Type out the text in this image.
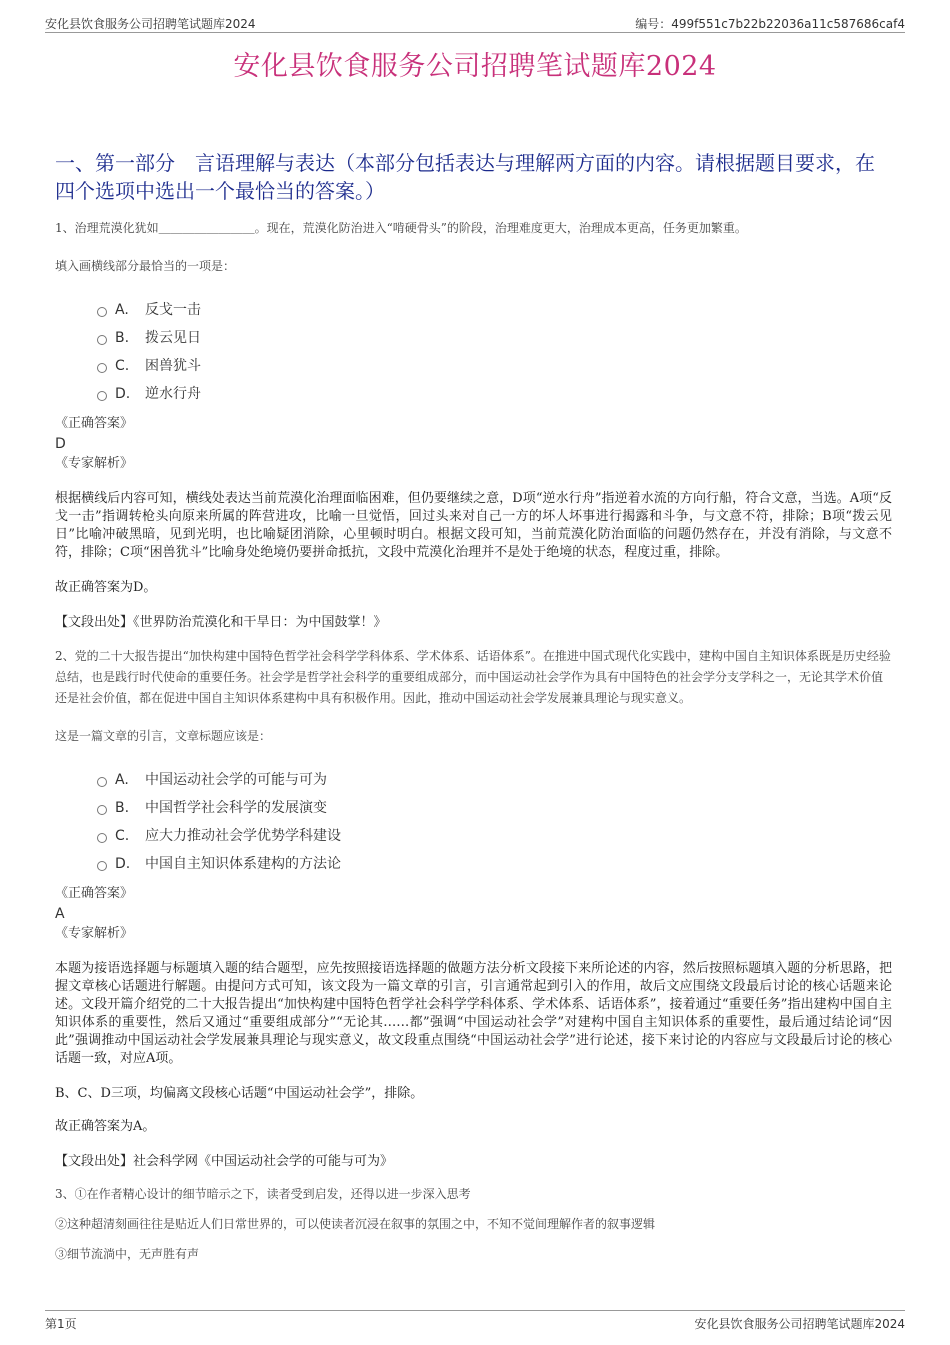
安化县饮食服务公司招聘笔试题库2024	编号：499f551c7b22b22036a11c587686caf4
安化县饮食服务公司招聘笔试题库2024
一、第一部分　言语理解与表达（本部分包括表达与理解两方面的内容。请根据题目要求，在四个选项中选出一个最恰当的答案。）

1、治理荒漠化犹如＿＿＿＿＿＿＿＿。现在，荒漠化防治进入“啃硬骨头”的阶段，治理难度更大，治理成本更高，任务更加繁重。

填入画横线部分最恰当的一项是：
A.	反戈一击
B.	拨云见日
C.	困兽犹斗
D.	逆水行舟
《正确答案》
D
《专家解析》
根据横线后内容可知，横线处表达当前荒漠化治理面临困难，但仍要继续之意，D项“逆水行舟”指逆着水流的方向行船，符合文意，当选。A项“反戈一击”指调转枪头向原来所属的阵营进攻，比喻一旦觉悟，回过头来对自己一方的坏人坏事进行揭露和斗争，与文意不符，排除；B项“拨云见日”比喻冲破黑暗，见到光明，也比喻疑团消除，心里顿时明白。根据文段可知，当前荒漠化防治面临的问题仍然存在，并没有消除，与文意不符，排除；C项“困兽犹斗”比喻身处绝境仍要拼命抵抗，文段中荒漠化治理并不是处于绝境的状态，程度过重，排除。
故正确答案为D。
【文段出处】《世界防治荒漠化和干旱日：为中国鼓掌！》

2、党的二十大报告提出“加快构建中国特色哲学社会科学学科体系、学术体系、话语体系”。在推进中国式现代化实践中，建构中国自主知识体系既是历史经验总结，也是践行时代使命的重要任务。社会学是哲学社会科学的重要组成部分，而中国运动社会学作为具有中国特色的社会学分支学科之一，无论其学术价值还是社会价值，都在促进中国自主知识体系建构中具有积极作用。因此，推动中国运动社会学发展兼具理论与现实意义。

这是一篇文章的引言，文章标题应该是：
A.	中国运动社会学的可能与可为
B.	中国哲学社会科学的发展演变
C.	应大力推动社会学优势学科建设
D.	中国自主知识体系建构的方法论
《正确答案》
A
《专家解析》
本题为接语选择题与标题填入题的结合题型，应先按照接语选择题的做题方法分析文段接下来所论述的内容，然后按照标题填入题的分析思路，把握文章核心话题进行解题。由提问方式可知，该文段为一篇文章的引言，引言通常起到引入的作用，故后文应围绕文段最后讨论的核心话题来论述。文段开篇介绍党的二十大报告提出“加快构建中国特色哲学社会科学学科体系、学术体系、话语体系”，接着通过“重要任务”指出建构中国自主知识体系的重要性，然后又通过“重要组成部分”“无论其……都”强调“中国运动社会学”对建构中国自主知识体系的重要性，最后通过结论词“因此”强调推动中国运动社会学发展兼具理论与现实意义，故文段重点围绕“中国运动社会学”进行论述，接下来讨论的内容应与文段最后讨论的核心话题一致，对应A项。
B、C、D三项，均偏离文段核心话题“中国运动社会学”，排除。
故正确答案为A。
【文段出处】社会科学网《中国运动社会学的可能与可为》

3、①在作者精心设计的细节暗示之下，读者受到启发，还得以进一步深入思考

②这种超清刻画往往是贴近人们日常世界的，可以使读者沉浸在叙事的氛围之中，不知不觉间理解作者的叙事逻辑

③细节流淌中，无声胜有声

第1页	安化县饮食服务公司招聘笔试题库2024
